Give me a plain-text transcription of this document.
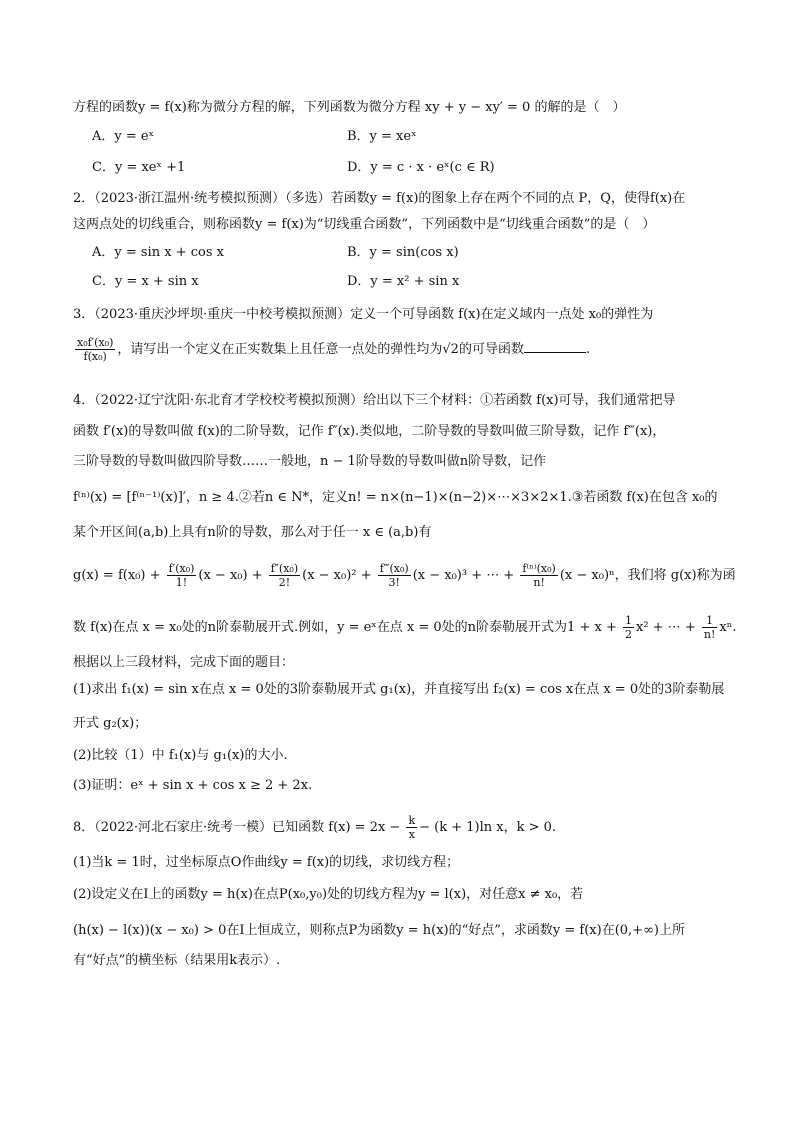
方程的函数y = f(x)称为微分方程的解，下列函数为微分方程 xy + y − xy′ = 0 的解的是（　）
A．y = eˣ	B．y = xeˣ
C．y = xeˣ +1	D．y = c · x · eˣ(c ∈ R)
2．（2023·浙江温州·统考模拟预测）（多选）若函数y = f(x)的图象上存在两个不同的点 P，Q，使得f(x)在
这两点处的切线重合，则称函数y = f(x)为“切线重合函数”，下列函数中是“切线重合函数”的是（　）
A．y = sin x + cos x	B．y = sin(cos x)
C．y = x + sin x	D．y = x² + sin x
3．（2023·重庆沙坪坝·重庆一中校考模拟预测）定义一个可导函数 f(x)在定义域内一点处 x₀的弹性为
$\frac{\text{x₀f′(x₀)}}{\text{f(x₀)}}$ ，请写出一个定义在正实数集上且任意一点处的弹性均为√2的可导函数	.
4．（2022·辽宁沈阳·东北育才学校校考模拟预测）给出以下三个材料：①若函数 f(x)可导，我们通常把导
函数 f′(x)的导数叫做 f(x)的二阶导数，记作 f″(x).类似地，二阶导数的导数叫做三阶导数，记作 f‴(x)，
三阶导数的导数叫做四阶导数……一般地，n − 1阶导数的导数叫做n阶导数，记作
f⁽ⁿ⁾(x) = [f⁽ⁿ⁻¹⁾(x)]′，n ≥ 4.②若n ∈ N*，定义n! = n×(n−1)×(n−2)×⋯×3×2×1.③若函数 f(x)在包含 x₀的
某个开区间(a,b)上具有n阶的导数，那么对于任一 x ∈ (a,b)有
$g(x) = f(x_0) + \frac{\text{f′(x₀)}}{1!} (x - x_0) + \frac{\text{f″(x₀)}}{2!} (x - x_0)^2 + \frac{\text{f‴(x₀)}}{3!} (x - x_0)^3$ + ⋯ + $\frac{\text{f⁽ⁿ⁾(x₀)}}{n!} (x - x_0)^n$，我们将 g(x)称为函
数 f(x)在点 x = x₀处的n阶泰勒展开式.例如，y = eˣ在点 x = 0处的n阶泰勒展开式为$1 + x + \frac{1}{2} x^2$ + ⋯ + $\frac{1}{n!} x^n$.
根据以上三段材料，完成下面的题目：
(1)求出 f₁(x) = sin x在点 x = 0处的3阶泰勒展开式 g₁(x)，并直接写出 f₂(x) = cos x在点 x = 0处的3阶泰勒展
开式 g₂(x)；
(2)比较（1）中 f₁(x)与 g₁(x)的大小.
(3)证明：eˣ + sin x + cos x ≥ 2 + 2x.
8．（2022·河北石家庄·统考一模）已知函数 $f(x) = 2x - \frac{k}{x} - (k + 1)\ln$ x，k > 0.
(1)当k = 1时，过坐标原点O作曲线y = f(x)的切线，求切线方程；
(2)设定义在I上的函数y = h(x)在点P(x₀,y₀)处的切线方程为y = l(x)，对任意x ≠ x₀，若
(h(x) − l(x))(x − x₀) > 0在I上恒成立，则称点P为函数y = h(x)的“好点”，求函数y = f(x)在(0,+∞)上所
有“好点”的横坐标（结果用k表示）.
